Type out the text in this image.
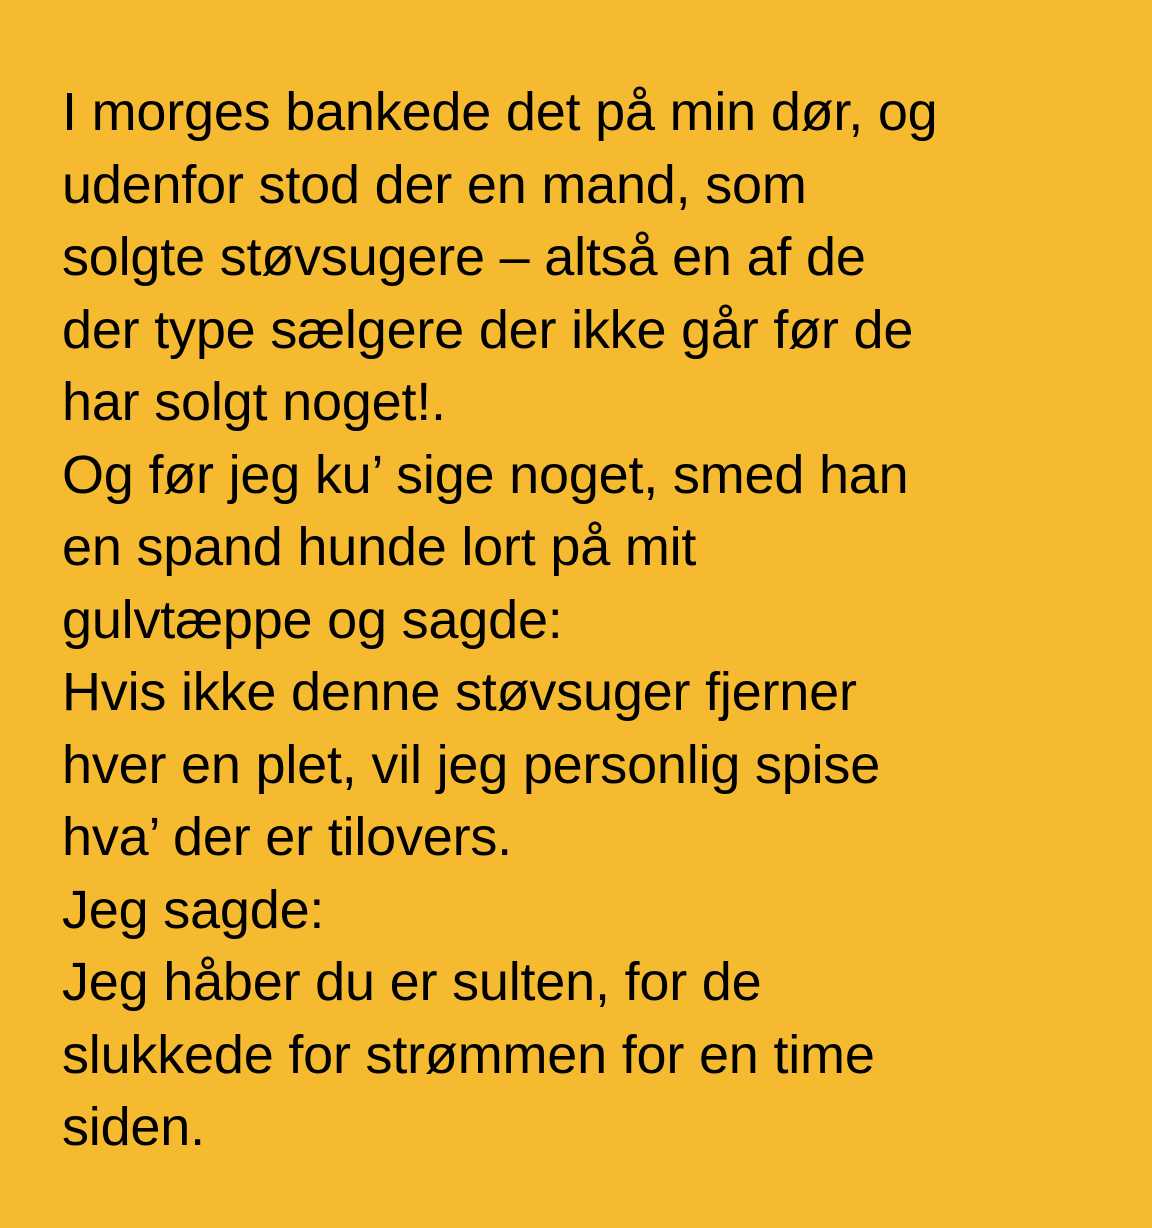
I morges bankede det på min dør, og
udenfor stod der en mand, som
solgte støvsugere – altså en af de
der type sælgere der ikke går før de
har solgt noget!.
Og før jeg ku’ sige noget, smed han
en spand hunde lort på mit
gulvtæppe og sagde:
Hvis ikke denne støvsuger fjerner
hver en plet, vil jeg personlig spise
hva’ der er tilovers.
Jeg sagde:
Jeg håber du er sulten, for de
slukkede for strømmen for en time
siden.
